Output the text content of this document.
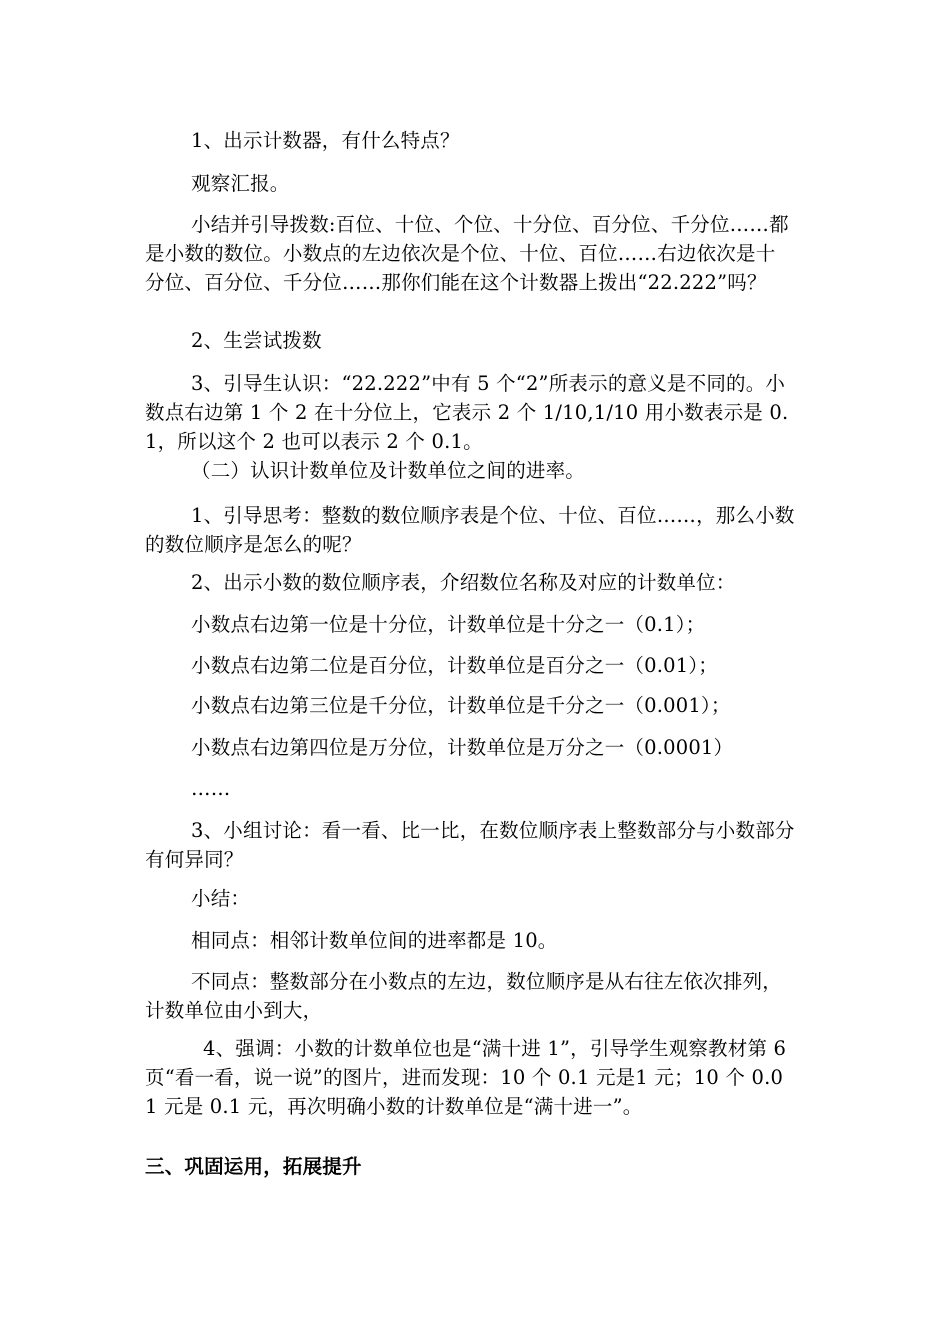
1、出示计数器，有什么特点？

观察汇报。

小结并引导拨数:百位、十位、个位、十分位、百分位、千分位……都是小数的数位。小数点的左边依次是个位、十位、百位……右边依次是十分位、百分位、千分位……那你们能在这个计数器上拨出“22.222”吗？

2、生尝试拨数

3、引导生认识：“22.222”中有 5 个“2”所表示的意义是不同的。小数点右边第 1 个 2 在十分位上，它表示 2 个 1/10,1/10 用小数表示是 0.1，所以这个 2 也可以表示 2 个 0.1。

（二）认识计数单位及计数单位之间的进率。

1、引导思考：整数的数位顺序表是个位、十位、百位……，那么小数的数位顺序是怎么的呢？

2、出示小数的数位顺序表，介绍数位名称及对应的计数单位：

小数点右边第一位是十分位，计数单位是十分之一（0.1）；

小数点右边第二位是百分位，计数单位是百分之一（0.01）；

小数点右边第三位是千分位，计数单位是千分之一（0.001）；

小数点右边第四位是万分位，计数单位是万分之一（0.0001）

……

3、小组讨论：看一看、比一比，在数位顺序表上整数部分与小数部分有何异同？

小结：

相同点：相邻计数单位间的进率都是 10。

不同点：整数部分在小数点的左边，数位顺序是从右往左依次排列，计数单位由小到大，

4、强调：小数的计数单位也是“满十进 1”，引导学生观察教材第 6 页“看一看，说一说”的图片，进而发现：10 个 0.1 元是1 元；10 个 0.01 元是 0.1 元，再次明确小数的计数单位是“满十进一”。

三、巩固运用，拓展提升
